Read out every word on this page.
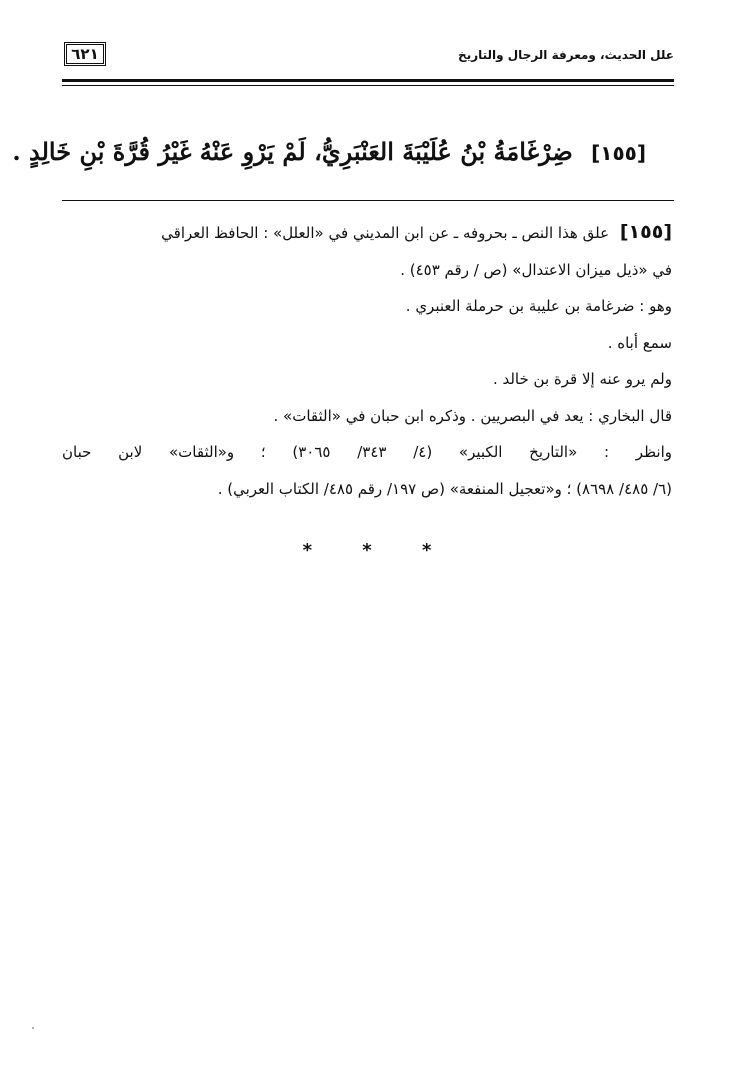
٦٢١	علل الحديث، ومعرفة الرجال والتاريخ
[١٥٥] ضِرْغَامَةُ بْنُ عُلَيْبَةَ العَنْبَرِيُّ، لَمْ يَرْوِ عَنْهُ غَيْرُ قُرَّةَ بْنِ خَالِدٍ .

[١٥٥] علق هذا النص ـ بحروفه ـ عن ابن المديني في «العلل» : الحافظ العراقي

في «ذيل ميزان الاعتدال» (ص / رقم ٤٥٣) .

وهو : ضرغامة بن عليبة بن حرملة العنبري .

سمع أباه .

ولم يرو عنه إلا قرة بن خالد .

قال البخاري : يعد في البصريين . وذكره ابن حبان في «الثقات» .

وانظر : «التاريخ الكبير» (٤/ ٣٤٣/ ٣٠٦٥) ؛ و«الثقات» لابن حبان

(٦/ ٤٨٥/ ٨٦٩٨) ؛ و«تعجيل المنفعة» (ص ١٩٧/ رقم ٤٨٥/ الكتاب العربي) .

* * *
